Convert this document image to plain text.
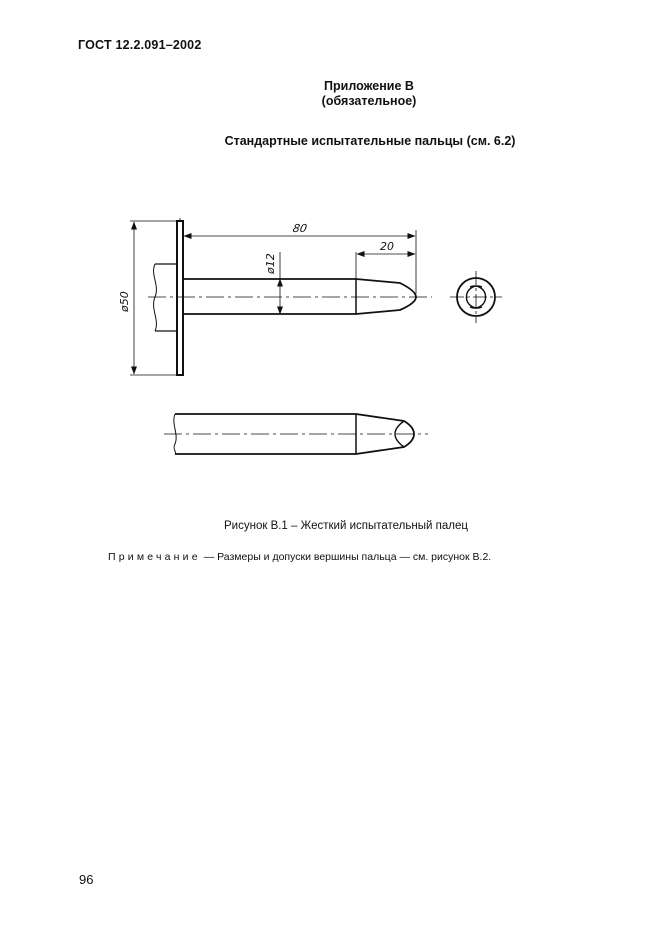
ГОСТ 12.2.091–2002
Приложение В
(обязательное)
Стандартные испытательные пальцы (см. 6.2)
80
20
ø12
ø50
Рисунок В.1 – Жесткий испытательный палец
Примечание — Размеры и допуски вершины пальца — см. рисунок В.2.
96
